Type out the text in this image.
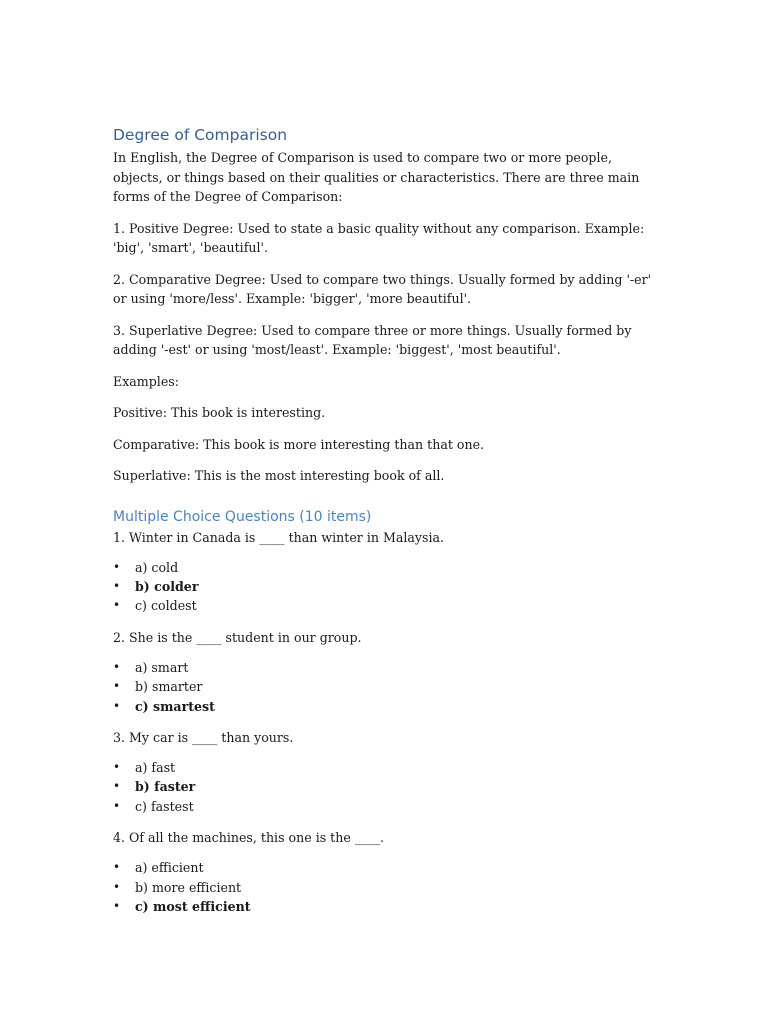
Degree of Comparison

In English, the Degree of Comparison is used to compare two or more people, objects, or things based on their qualities or characteristics. There are three main forms of the Degree of Comparison:

1. Positive Degree: Used to state a basic quality without any comparison. Example: 'big', 'smart', 'beautiful'.

2. Comparative Degree: Used to compare two things. Usually formed by adding '-er' or using 'more/less'. Example: 'bigger', 'more beautiful'.

3. Superlative Degree: Used to compare three or more things. Usually formed by adding '-est' or using 'most/least'. Example: 'biggest', 'most beautiful'.

Examples:

Positive: This book is interesting.

Comparative: This book is more interesting than that one.

Superlative: This is the most interesting book of all.

Multiple Choice Questions (10 items)

1. Winter in Canada is ____ than winter in Malaysia.

• a) cold
• b) colder
• c) coldest

2. She is the ____ student in our group.

• a) smart
• b) smarter
• c) smartest

3. My car is ____ than yours.

• a) fast
• b) faster
• c) fastest

4. Of all the machines, this one is the ____.

• a) efficient
• b) more efficient
• c) most efficient
